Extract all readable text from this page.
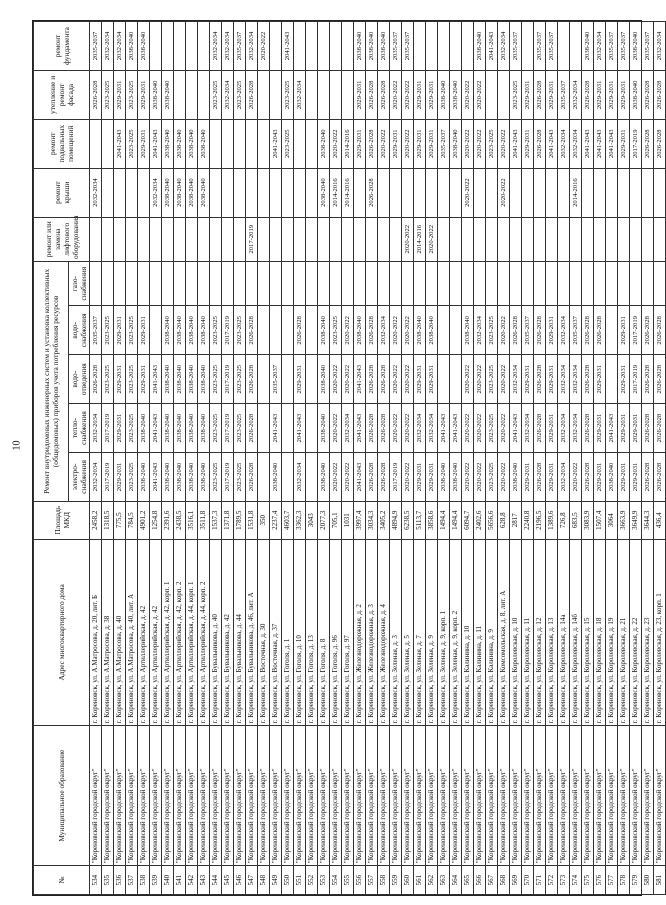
10
№	Муниципальное образование	Адрес многоквартирного дома	Площадь МКД	Ремонт внутридомовых инженерных систем и установка коллективных (общедомовых) приборов учета потребления ресурсов					ремонт или замена лифтового оборудования	ремонт крыши	ремонт подвальных помещений	утепление и ремонт фасада	ремонт фундамента
				электро-снабжения	тепло-снабжения	водо-отведения	водо-снабжения	газо-снабжения					
534	"Кореновский городской округ"	г. Кореновск, ул. А.Матросова, д. 20, лит. Б	2458,2	2032-2034	2032-2034	2026-2028	2035-2037			2032-2034		2026-2028	2035-2037
535	"Кореновский городской округ"	г. Кореновск, ул. А.Матросова, д. 38	1318,5	2017-2019	2017-2019	2023-2025	2023-2025					2023-2025	2032-2034
536	"Кореновский городской округ"	г. Кореновск, ул. А.Матросова, д. 40	775,5	2029-2031	2029-2031	2029-2031	2029-2031				2041-2043	2029-2031	2032-2034
537	"Кореновский городской округ"	г. Кореновск, ул. А.Матросова, д. 40, лит. А	784,5	2023-2025	2023-2025	2023-2025	2023-2025				2023-2025	2023-2025	2038-2040
538	"Кореновский городской округ"	г. Кореновск, ул. Артиллерийская, д. 42	4901,2	2038-2040	2038-2040	2029-2031	2029-2031				2029-2031	2029-2031	2038-2040
539	"Кореновский городской округ"	г. Кореновск, ул. Артиллерийская, д. 42	1254,8	2041-2043	2041-2043	2041-2043				2032-2034	2041-2043	2038-2040	
540	"Кореновский городской округ"	г. Кореновск, ул. Артиллерийская, д. 42, корп. 1	2391,6	2038-2040	2038-2040	2038-2040	2038-2040			2038-2040	2038-2040	2038-2040	
541	"Кореновский городской округ"	г. Кореновск, ул. Артиллерийская, д. 42, корп. 2	2438,5	2038-2040	2038-2040	2038-2040	2038-2040			2038-2040	2038-2040		
542	"Кореновский городской округ"	г. Кореновск, ул. Артиллерийская, д. 44, корп. 1	3516,1	2038-2040	2038-2040	2038-2040	2038-2040			2038-2040	2038-2040		
543	"Кореновский городской округ"	г. Кореновск, ул. Артиллерийская, д. 44, корп. 2	3511,8	2038-2040	2038-2040	2038-2040	2038-2040			2038-2040	2038-2040		
544	"Кореновский городской округ"	г. Кореновск, ул. Бувальникова, д. 40	1537,3	2023-2025	2023-2025	2023-2025	2023-2025					2023-2025	2032-2034
545	"Кореновский городской округ"	г. Кореновск, ул. Бувальникова, д. 42	1371,8	2017-2019	2017-2019	2017-2019	2017-2019					2032-2034	2032-2034
546	"Кореновский городской округ"	г. Кореновск, ул. Бувальникова, д. 44	1789,5	2023-2025	2023-2025	2023-2025	2023-2025					2023-2025	2035-2037
547	"Кореновский городской округ"	г. Кореновск, ул. Бувальникова, д. 46, лит. А	1531,8	2026-2028	2026-2028	2026-2028	2026-2028		2017-2019			2026-2028	2032-2034
548	"Кореновский городской округ"	г. Кореновск, ул. Восточная, д. 30	350										2020-2022
549	"Кореновский городской округ"	г. Кореновск, ул. Восточная, д. 37	2237,4	2038-2040	2041-2043	2035-2037					2041-2043		
550	"Кореновский городской округ"	г. Кореновск, ул. Гоголя, д. 1	4603,7								2023-2025	2023-2025	2041-2043
551	"Кореновский городской округ"	г. Кореновск, ул. Гоголя, д. 10	3362,3	2032-2034	2041-2043	2029-2031	2026-2028					2032-2034	
552	"Кореновский городской округ"	г. Кореновск, ул. Гоголя, д. 13	3043										
553	"Кореновский городской округ"	г. Кореновск, ул. Гоголя, д. 8	2077,3	2038-2040	2038-2040	2038-2040	2038-2040			2038-2040	2038-2040		
554	"Кореновский городской округ"	г. Кореновск, ул. Гоголя, д. 96	705,1	2020-2022	2020-2022	2020-2022	2023-2025			2014-2016	2020-2022		
555	"Кореновский городской округ"	г. Кореновск, ул. Гоголя, д. 97	1031	2020-2022	2032-2034	2020-2022	2020-2022			2014-2016	2014-2016		
556	"Кореновский городской округ"	г. Кореновск, ул. Железнодорожная, д. 2	3997,4	2041-2043	2041-2043	2041-2043	2038-2040				2029-2031	2029-2031	2038-2040
557	"Кореновский городской округ"	г. Кореновск, ул. Железнодорожная, д. 3	3034,3	2026-2028	2026-2028	2026-2028	2026-2028			2026-2028	2026-2028	2026-2028	2038-2040
558	"Кореновский городской округ"	г. Кореновск, ул. Железнодорожная, д. 4	3405,2	2026-2028	2026-2028	2026-2028	2032-2034				2020-2022	2026-2028	2038-2040
559	"Кореновский городской округ"	г. Кореновск, ул. Зеленая, д. 3	4894,9	2017-2019	2020-2022	2020-2022	2020-2022				2029-2031	2020-2022	2035-2037
560	"Кореновский городской округ"	г. Кореновск, ул. Зеленая, д. 5	6238,5	2020-2022	2020-2022	2020-2022	2020-2022		2020-2022		2020-2022	2020-2022	2035-2037
561	"Кореновский городской округ"	г. Кореновск, ул. Зеленая, д. 7	5113,7	2029-2031	2032-2034	2029-2031	2038-2040		2014-2016		2029-2031	2029-2031	
562	"Кореновский городской округ"	г. Кореновск, ул. Зеленая, д. 9	3858,6	2029-2031	2032-2034	2029-2031	2038-2040		2020-2022		2029-2031	2029-2031	
563	"Кореновский городской округ"	г. Кореновск, ул. Зеленая, д. 9, корп. 1	1494,4	2038-2040	2041-2043						2035-2037	2038-2040	
564	"Кореновский городской округ"	г. Кореновск, ул. Зеленая, д. 9, корп. 2	1494,4	2038-2040	2041-2043						2038-2040	2038-2040	
565	"Кореновский городской округ"	г. Кореновск, ул. Калинина, д. 10	6094,7	2020-2022	2020-2022	2020-2022	2038-2040			2020-2022	2020-2022	2020-2022	
566	"Кореновский городской округ"	г. Кореновск, ул. Калинина, д. 11	2402,6	2020-2022	2020-2022	2020-2022	2032-2034				2020-2022	2020-2022	2038-2040
567	"Кореновский городской округ"	г. Кореновск, ул. Калинина, д. 9	5656,6	2023-2025	2023-2025	2023-2025	2023-2025				2023-2025		2041-2043
568	"Кореновский городской округ"	г. Кореновск, ул. Комсомольская, д. 8, лит. А	628,8	2020-2022	2020-2022	2020-2022	2020-2022			2020-2022	2020-2022		2032-2034
569	"Кореновский городской округ"	г. Кореновск, ул. Королевская, д. 10	2817	2038-2040	2041-2043	2032-2034	2026-2028				2041-2043	2023-2025	2035-2037
570	"Кореновский городской округ"	г. Кореновск, ул. Королевская, д. 11	2240,8	2029-2031	2032-2034	2029-2031	2035-2037				2029-2031	2029-2031	
571	"Кореновский городской округ"	г. Кореновск, ул. Королевская, д. 12	2196,5	2026-2028	2026-2028	2026-2028	2026-2028				2026-2028	2026-2028	2035-2037
572	"Кореновский городской округ"	г. Кореновск, ул. Королевская, д. 13	1389,6	2029-2031	2029-2031	2029-2031	2029-2031				2041-2043	2029-2031	2035-2037
573	"Кореновский городской округ"	г. Кореновск, ул. Королевская, д. 14а	726,8	2032-2034	2032-2034	2032-2034	2032-2034				2032-2034	2035-2037	
574	"Кореновский городской округ"	г. Кореновск, ул. Королевская, д. 14б	683,5	2020-2022	2032-2034	2032-2034	2035-2037			2014-2016	2032-2034	2032-2034	
575	"Кореновский городской округ"	г. Кореновск, ул. Королевская, д. 15	3083,9	2026-2028	2026-2028	2026-2028	2026-2028				2041-2043	2026-2028	2038-2040
576	"Кореновский городской округ"	г. Кореновск, ул. Королевская, д. 18	1507,4	2029-2031	2029-2031	2029-2031	2026-2028				2041-2043	2029-2031	2032-2034
577	"Кореновский городской округ"	г. Кореновск, ул. Королевская, д. 19	3064	2038-2040	2041-2043						2041-2043	2029-2031	2035-2037
578	"Кореновский городской округ"	г. Кореновск, ул. Королевская, д. 21	3663,9	2029-2031	2029-2031	2029-2031	2029-2031				2029-2031	2029-2031	2035-2037
579	"Кореновский городской округ"	г. Кореновск, ул. Королевская, д. 22	3649,9	2029-2031	2029-2031	2017-2019	2017-2019				2017-2019	2038-2040	2038-2040
580	"Кореновский городской округ"	г. Кореновск, ул. Королевская, д. 23	3644,3	2026-2028	2026-2028	2026-2028	2026-2028				2026-2028	2026-2028	2035-2037
581	"Кореновский городской округ"	г. Кореновск, ул. Королевская, д. 23, корп. 1	436,4	2026-2028	2026-2028	2026-2028	2026-2028				2026-2028	2026-2028	2032-2034
